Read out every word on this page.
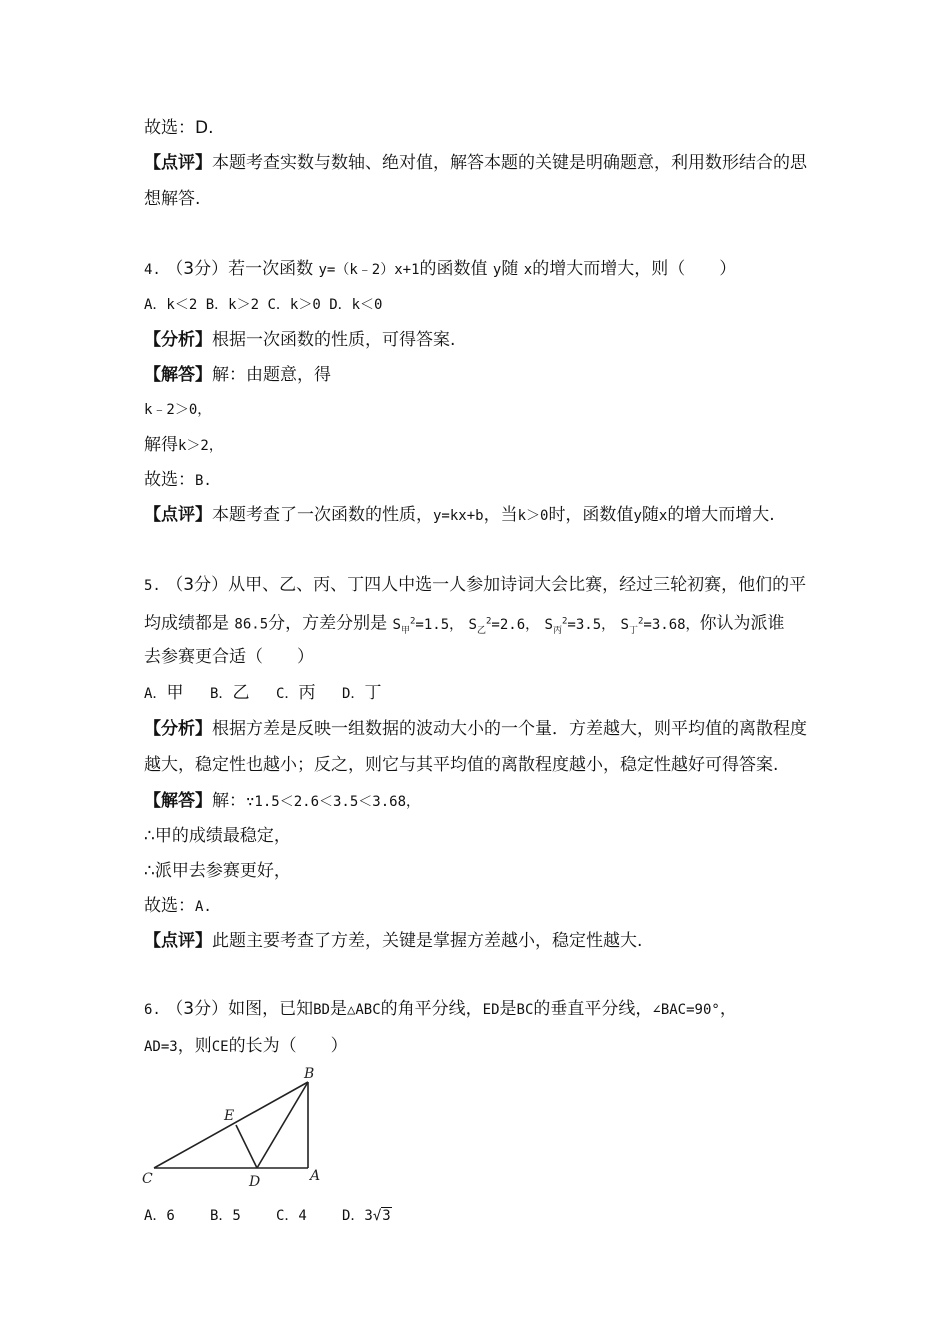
故选：D.
【点评】本题考查实数与数轴、绝对值，解答本题的关键是明确题意，利用数形结合的思
想解答.
4. （3分）若一次函数 y=（k﹣2）x+1的函数值 y随 x的增大而增大，则（　　）
A．k＜2 B．k＞2 C．k＞0 D．k＜0
【分析】根据一次函数的性质，可得答案.
【解答】解：由题意，得
k﹣2＞0，
解得k＞2，
故选：B.
【点评】本题考查了一次函数的性质，y=kx+b，当k＞0时，函数值y随x的增大而增大.
5. （3分）从甲、乙、丙、丁四人中选一人参加诗词大会比赛，经过三轮初赛，他们的平
均成绩都是 86.5分，方差分别是 $S_甲^2=1.5$， $S_乙^2=2.6$， $S_丙^2=3.5$， $S_丁^2=3.68$，你认为派谁
去参赛更合适（　　）
A．甲 B．乙 C．丙 D．丁
【分析】根据方差是反映一组数据的波动大小的一个量．方差越大，则平均值的离散程度
越大，稳定性也越小；反之，则它与其平均值的离散程度越小，稳定性越好可得答案.
【解答】解：∵1.5＜2.6＜3.5＜3.68，
∴甲的成绩最稳定，
∴派甲去参赛更好，
故选：A.
【点评】此题主要考查了方差，关键是掌握方差越小，稳定性越大.
6. （3分）如图，已知BD是△ABC的角平分线，ED是BC的垂直平分线，∠BAC=90°，
AD=3，则CE的长为（　　）
B
E
C	D	A
A．6	B．5	C．4	D．3√3
